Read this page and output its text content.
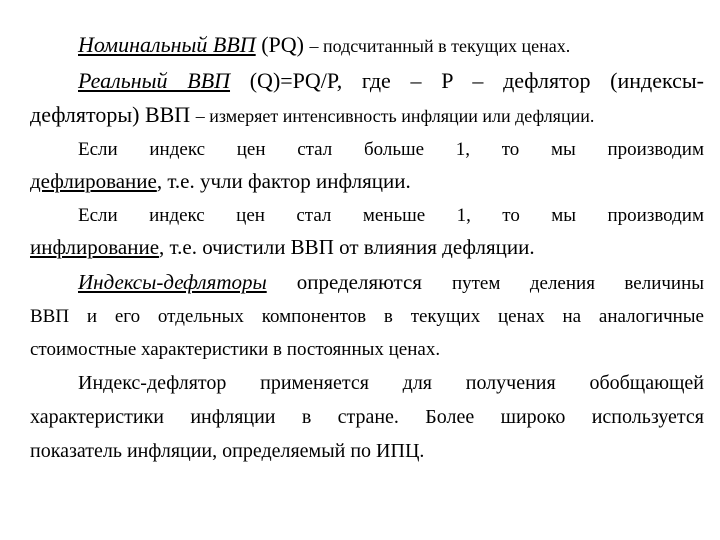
Номинальный ВВП (PQ) – подсчитанный в текущих ценах.
Реальный ВВП (Q)=PQ/P, где – P – дефлятор (индексы-
дефляторы) ВВП – измеряет интенсивность инфляции или дефляции.
Если индекс цен стал больше 1, то мы производим
дефлирование, т.е. учли фактор инфляции.
Если индекс цен стал меньше 1, то мы производим
инфлирование, т.е. очистили ВВП от влияния дефляции.
Индексы-дефляторы определяются путем деления величины
ВВП и его отдельных компонентов в текущих ценах на аналогичные
стоимостные характеристики в постоянных ценах.
Индекс-дефлятор применяется для получения обобщающей
характеристики инфляции в стране. Более широко используется
показатель инфляции, определяемый по ИПЦ.
